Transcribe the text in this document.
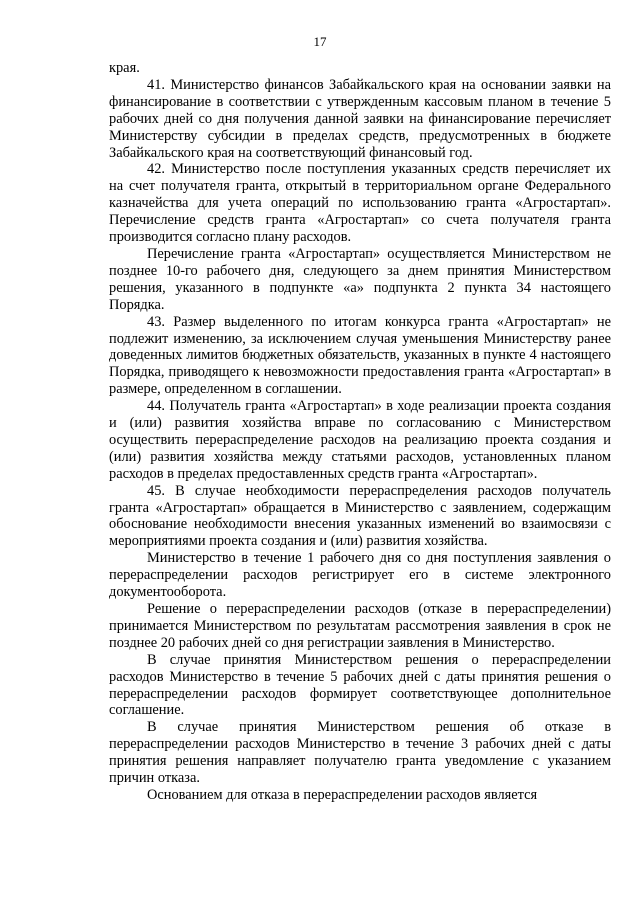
17

края.

41. Министерство финансов Забайкальского края на основании заявки на финансирование в соответствии с утвержденным кассовым планом в течение 5 рабочих дней со дня получения данной заявки на финансирование перечисляет Министерству субсидии в пределах средств, предусмотренных в бюджете Забайкальского края на соответствующий финансовый год.

42. Министерство после поступления указанных средств перечисляет их на счет получателя гранта, открытый в территориальном органе Федерального казначейства для учета операций по использованию гранта «Агростартап». Перечисление средств гранта «Агростартап» со счета получателя гранта производится согласно плану расходов.

Перечисление гранта «Агростартап» осуществляется Министерством не позднее 10-го рабочего дня, следующего за днем принятия Министерством решения, указанного в подпункте «а» подпункта 2 пункта 34 настоящего Порядка.

43. Размер выделенного по итогам конкурса гранта «Агростартап» не подлежит изменению, за исключением случая уменьшения Министерству ранее доведенных лимитов бюджетных обязательств, указанных в пункте 4 настоящего Порядка, приводящего к невозможности предоставления гранта «Агростартап» в размере, определенном в соглашении.

44. Получатель гранта «Агростартап» в ходе реализации проекта создания и (или) развития хозяйства вправе по согласованию с Министерством осуществить перераспределение расходов на реализацию проекта создания и (или) развития хозяйства между статьями расходов, установленных планом расходов в пределах предоставленных средств гранта «Агростартап».

45. В случае необходимости перераспределения расходов получатель гранта «Агростартап» обращается в Министерство с заявлением, содержащим обоснование необходимости внесения указанных изменений во взаимосвязи с мероприятиями проекта создания и (или) развития хозяйства.

Министерство в течение 1 рабочего дня со дня поступления заявления о перераспределении расходов регистрирует его в системе электронного документооборота.

Решение о перераспределении расходов (отказе в перераспределении) принимается Министерством по результатам рассмотрения заявления в срок не позднее 20 рабочих дней со дня регистрации заявления в Министерство.

В случае принятия Министерством решения о перераспределении расходов Министерство в течение 5 рабочих дней с даты принятия решения о перераспределении расходов формирует соответствующее дополнительное соглашение.

В случае принятия Министерством решения об отказе в перераспределении расходов Министерство в течение 3 рабочих дней с даты принятия решения направляет получателю гранта уведомление с указанием причин отказа.

Основанием для отказа в перераспределении расходов является
